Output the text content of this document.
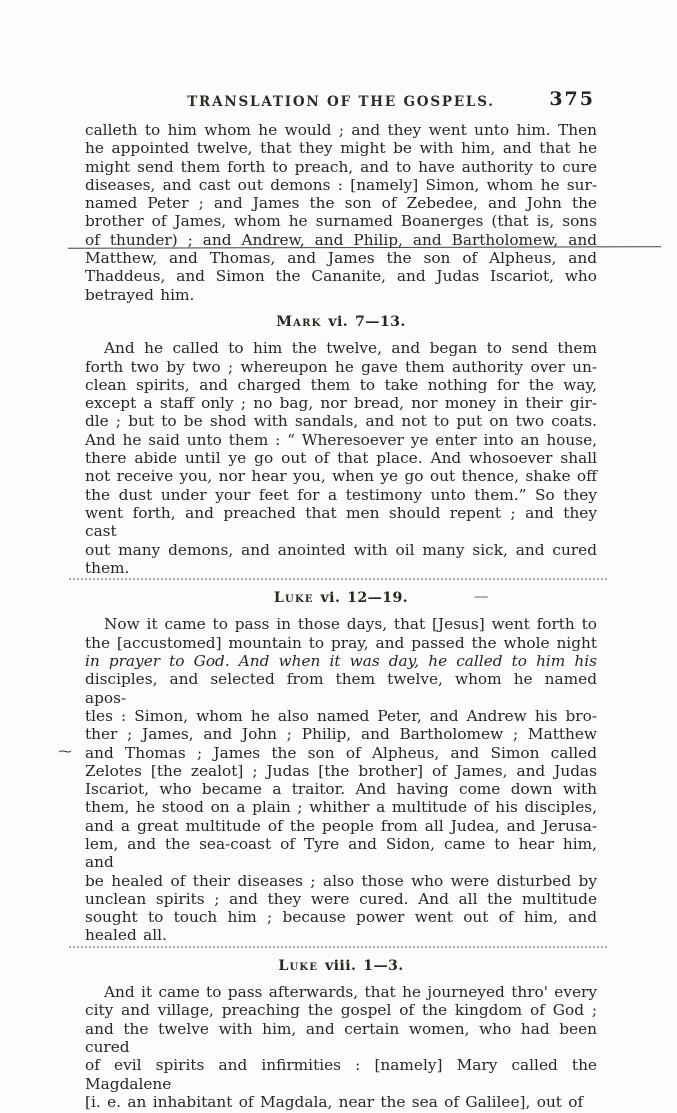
TRANSLATION OF THE GOSPELS.	375
calleth to him whom he would ; and they went unto him. Then
he appointed twelve, that they might be with him, and that he
might send them forth to preach, and to have authority to cure
diseases, and cast out demons : [namely] Simon, whom he sur-
named Peter ; and James the son of Zebedee, and John the
brother of James, whom he surnamed Boanerges (that is, sons
of thunder) ; and Andrew, and Philip, and Bartholomew, and
Matthew, and Thomas, and James the son of Alpheus, and
Thaddeus, and Simon the Cananite, and Judas Iscariot, who
betrayed him.
Mark vi. 7—13.
And he called to him the twelve, and began to send them
forth two by two ; whereupon he gave them authority over un-
clean spirits, and charged them to take nothing for the way,
except a staff only ; no bag, nor bread, nor money in their gir-
dle ; but to be shod with sandals, and not to put on two coats.
And he said unto them : “ Wheresoever ye enter into an house,
there abide until ye go out of that place. And whosoever shall
not receive you, nor hear you, when ye go out thence, shake off
the dust under your feet for a testimony unto them.” So they
went forth, and preached that men should repent ; and they cast
out many demons, and anointed with oil many sick, and cured
them.
Luke vi. 12—19.	—
Now it came to pass in those days, that [Jesus] went forth to
the [accustomed] mountain to pray, and passed the whole night
in prayer to God. And when it was day, he called to him his
disciples, and selected from them twelve, whom he named apos-
tles : Simon, whom he also named Peter, and Andrew his bro-
ther ; James, and John ; Philip, and Bartholomew ; Matthew
⁓ and Thomas ; James the son of Alpheus, and Simon called
Zelotes [the zealot] ; Judas [the brother] of James, and Judas
Iscariot, who became a traitor. And having come down with
them, he stood on a plain ; whither a multitude of his disciples,
and a great multitude of the people from all Judea, and Jerusa-
lem, and the sea-coast of Tyre and Sidon, came to hear him, and
be healed of their diseases ; also those who were disturbed by
unclean spirits ; and they were cured. And all the multitude
sought to touch him ; because power went out of him, and
healed all.
Luke viii. 1—3.
And it came to pass afterwards, that he journeyed thro' every
city and village, preaching the gospel of the kingdom of God ;
and the twelve with him, and certain women, who had been cured
of evil spirits and infirmities : [namely] Mary called the Magdalene
[i. e. an inhabitant of Magdala, near the sea of Galilee], out of
